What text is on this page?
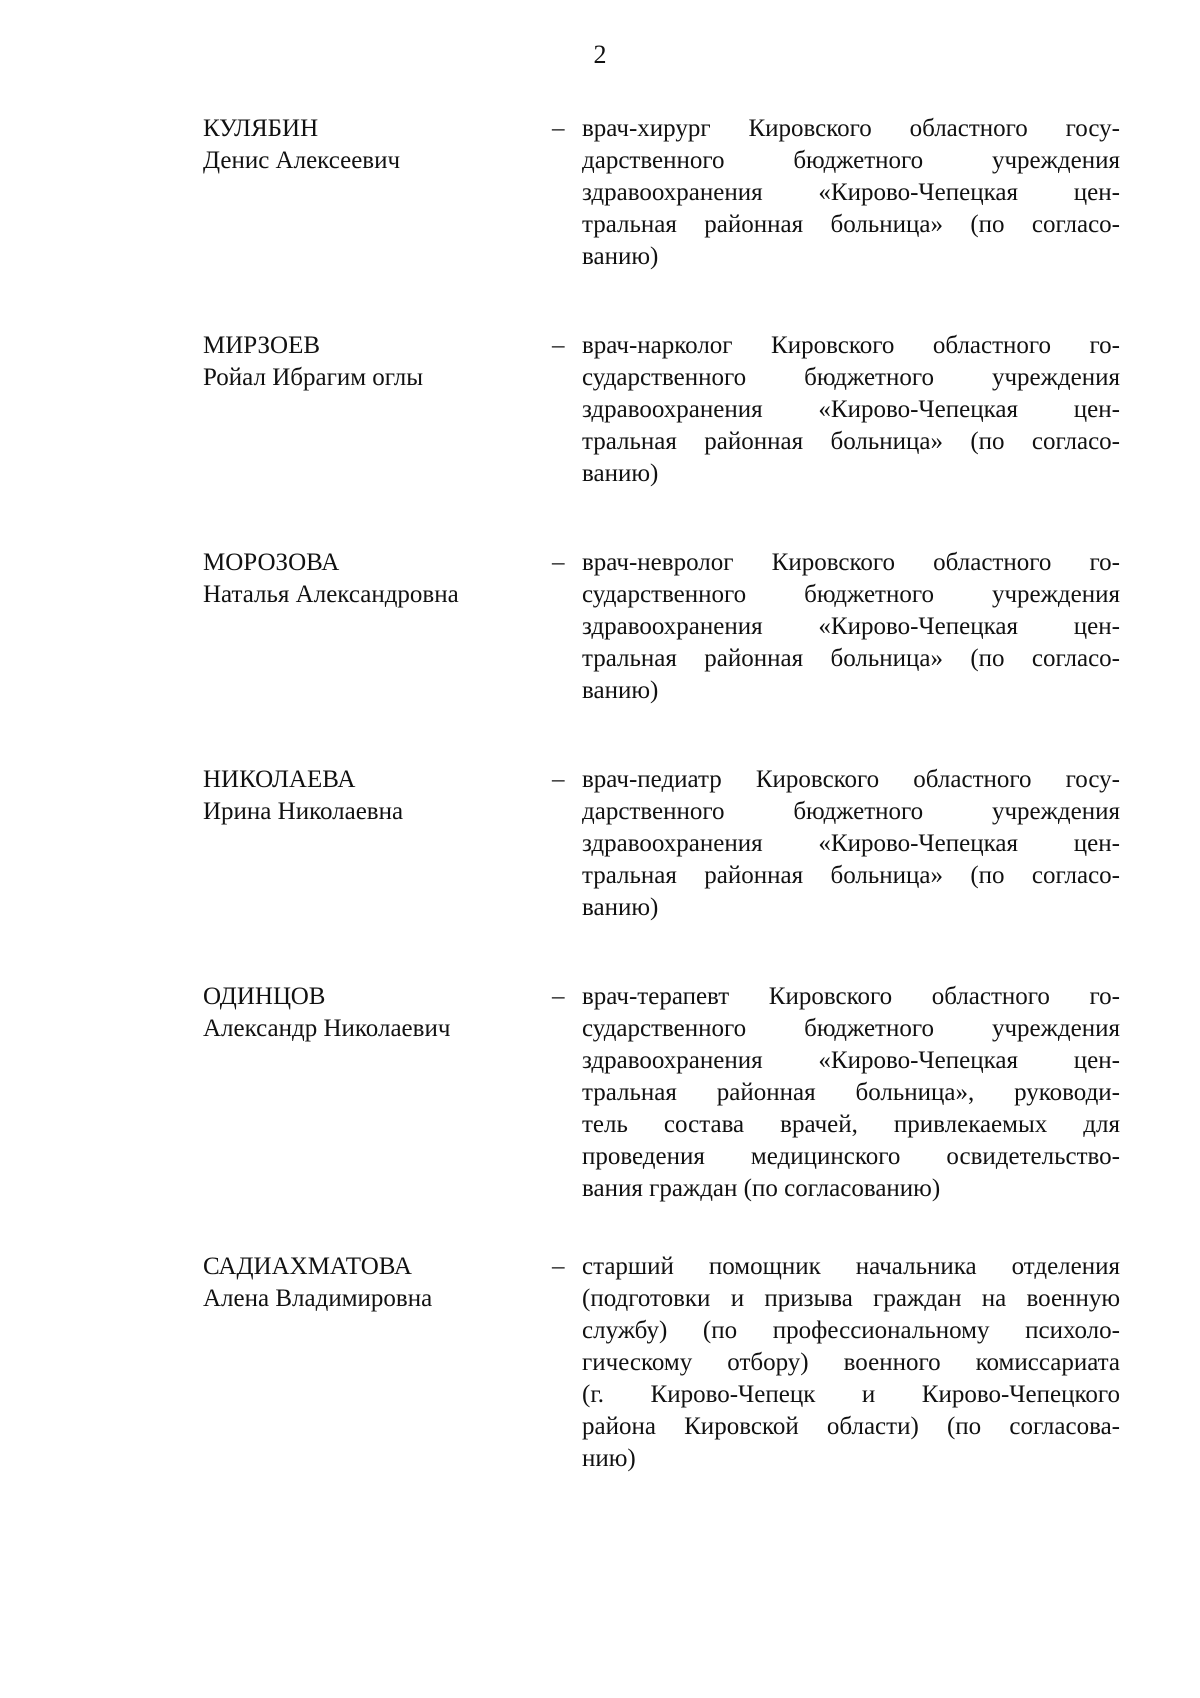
2
КУЛЯБИН
Денис Алексеевич
– врач-хирург Кировского областного госу-
дарственного бюджетного учреждения
здравоохранения «Кирово-Чепецкая цен-
тральная районная больница» (по согласо-
ванию)
МИРЗОЕВ
Ройал Ибрагим оглы
– врач-нарколог Кировского областного го-
сударственного бюджетного учреждения
здравоохранения «Кирово-Чепецкая цен-
тральная районная больница» (по согласо-
ванию)
МОРОЗОВА
Наталья Александровна
– врач-невролог Кировского областного го-
сударственного бюджетного учреждения
здравоохранения «Кирово-Чепецкая цен-
тральная районная больница» (по согласо-
ванию)
НИКОЛАЕВА
Ирина Николаевна
– врач-педиатр Кировского областного госу-
дарственного бюджетного учреждения
здравоохранения «Кирово-Чепецкая цен-
тральная районная больница» (по согласо-
ванию)
ОДИНЦОВ
Александр Николаевич
– врач-терапевт Кировского областного го-
сударственного бюджетного учреждения
здравоохранения «Кирово-Чепецкая цен-
тральная районная больница», руководи-
тель состава врачей, привлекаемых для
проведения медицинского освидетельство-
вания граждан (по согласованию)
САДИАХМАТОВА
Алена Владимировна
– старший помощник начальника отделения
(подготовки и призыва граждан на военную
службу) (по профессиональному психоло-
гическому отбору) военного комиссариата
(г. Кирово-Чепецк и Кирово-Чепецкого
района Кировской области) (по согласова-
нию)
